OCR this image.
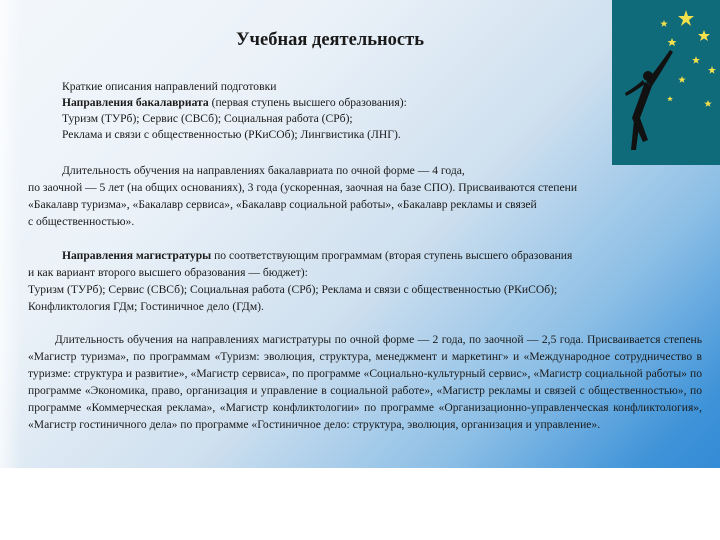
Учебная деятельность
Краткие описания направлений подготовки
Направления бакалавриата (первая ступень высшего образования):
Туризм (ТУРб); Сервис (СВСб); Социальная работа (СРб);
Реклама и связи с общественностью (РКиСОб); Лингвистика (ЛНГ).
Длительность обучения на направлениях бакалавриата по очной форме — 4 года,
по заочной — 5 лет (на общих основаниях), 3 года (ускоренная, заочная на базе СПО). Присваиваются степени
«Бакалавр туризма», «Бакалавр сервиса», «Бакалавр социальной работы», «Бакалавр рекламы и связей
с общественностью».
Направления магистратуры по соответствующим программам (вторая ступень высшего образования
и как вариант второго высшего образования — бюджет):
Туризм (ТУРб); Сервис (СВСб); Социальная работа (СРб); Реклама и связи с общественностью (РКиСОб);
Конфликтология ГДм; Гостиничное дело (ГДм).
Длительность обучения на направлениях магистратуры по очной форме — 2 года, по заочной — 2,5 года. Присваивается степень «Магистр туризма», по программам «Туризм: эволюция, структура, менеджмент и маркетинг» и «Международное сотрудничество в туризме: структура и развитие», «Магистр сервиса», по программе «Социально-культурный сервис», «Магистр социальной работы» по программе «Экономика, право, организация и управление в социальной работе», «Магистр рекламы и связей с общественностью», по программе «Коммерческая реклама», «Магистр конфликтологии» по программе «Организационно-управленческая конфликтология», «Магистр гостиничного дела» по программе «Гостиничное дело: структура, эволюция, организация и управление».
